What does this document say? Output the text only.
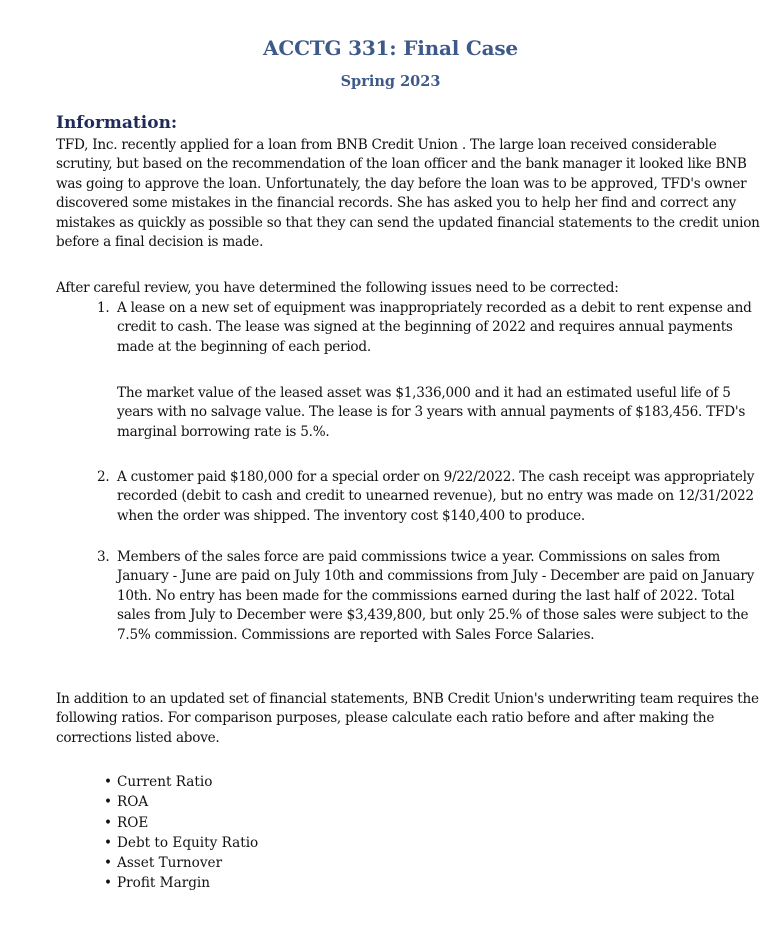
ACCTG 331: Final Case
Spring 2023
Information:
TFD, Inc. recently applied for a loan from BNB Credit Union . The large loan received considerable scrutiny, but based on the recommendation of the loan officer and the bank manager it looked like BNB was going to approve the loan. Unfortunately, the day before the loan was to be approved, TFD's owner discovered some mistakes in the financial records. She has asked you to help her find and correct any mistakes as quickly as possible so that they can send the updated financial statements to the credit union before a final decision is made.
After careful review, you have determined the following issues need to be corrected:
1. A lease on a new set of equipment was inappropriately recorded as a debit to rent expense and credit to cash. The lease was signed at the beginning of 2022 and requires annual payments made at the beginning of each period.
The market value of the leased asset was $1,336,000 and it had an estimated useful life of 5 years with no salvage value. The lease is for 3 years with annual payments of $183,456. TFD's marginal borrowing rate is 5.%.
2. A customer paid $180,000 for a special order on 9/22/2022. The cash receipt was appropriately recorded (debit to cash and credit to unearned revenue), but no entry was made on 12/31/2022 when the order was shipped. The inventory cost $140,400 to produce.
3. Members of the sales force are paid commissions twice a year. Commissions on sales from January - June are paid on July 10th and commissions from July - December are paid on January 10th. No entry has been made for the commissions earned during the last half of 2022. Total sales from July to December were $3,439,800, but only 25.% of those sales were subject to the 7.5% commission. Commissions are reported with Sales Force Salaries.
In addition to an updated set of financial statements, BNB Credit Union's underwriting team requires the following ratios. For comparison purposes, please calculate each ratio before and after making the corrections listed above.
• Current Ratio
• ROA
• ROE
• Debt to Equity Ratio
• Asset Turnover
• Profit Margin
